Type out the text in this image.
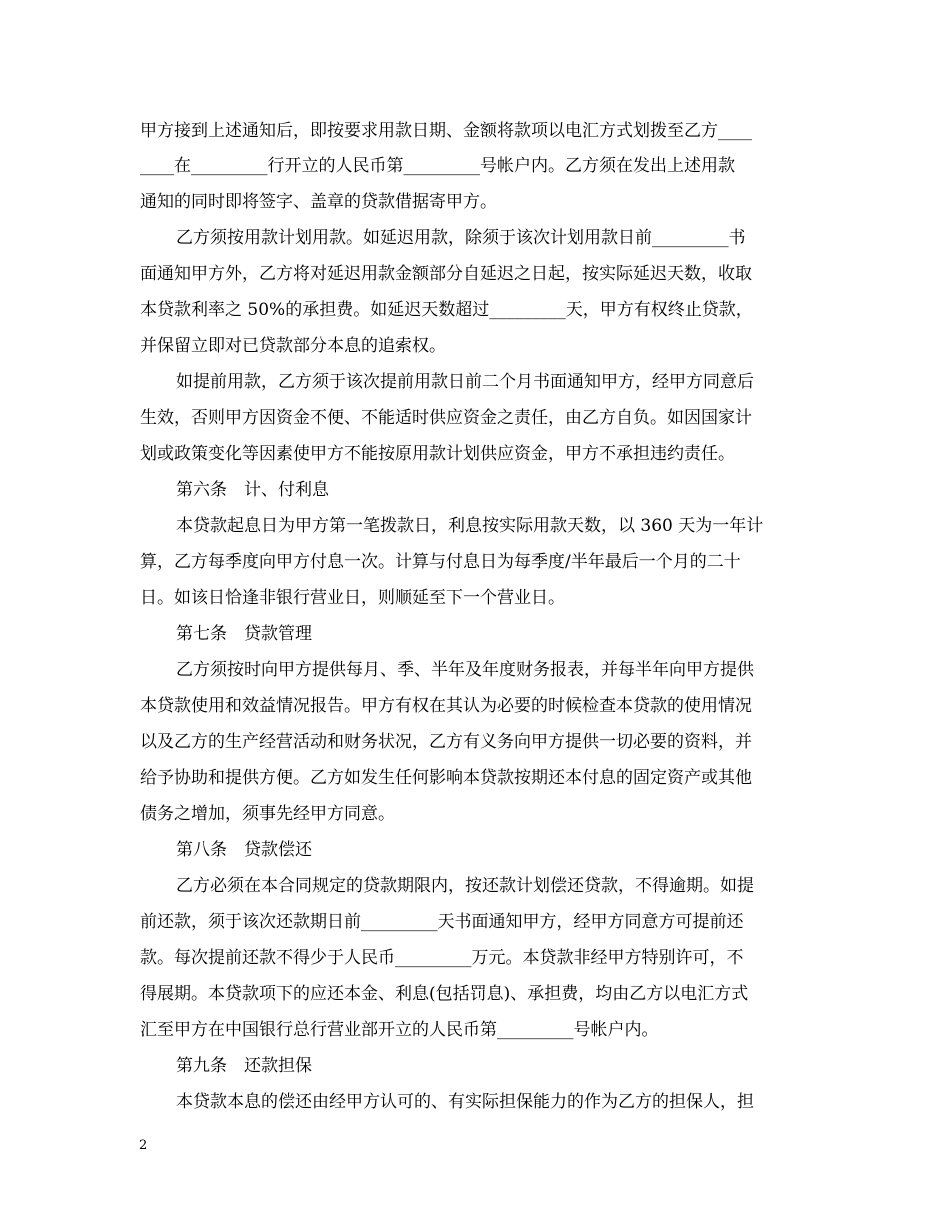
甲方接到上述通知后，即按要求用款日期、金额将款项以电汇方式划拨至乙方____
____在_________行开立的人民币第_________号帐户内。乙方须在发出上述用款
通知的同时即将签字、盖章的贷款借据寄甲方。
乙方须按用款计划用款。如延迟用款，除须于该次计划用款日前_________书
面通知甲方外，乙方将对延迟用款金额部分自延迟之日起，按实际延迟天数，收取
本贷款利率之 50%的承担费。如延迟天数超过_________天，甲方有权终止贷款，
并保留立即对已贷款部分本息的追索权。
如提前用款，乙方须于该次提前用款日前二个月书面通知甲方，经甲方同意后
生效，否则甲方因资金不便、不能适时供应资金之责任，由乙方自负。如因国家计
划或政策变化等因素使甲方不能按原用款计划供应资金，甲方不承担违约责任。
第六条　计、付利息
本贷款起息日为甲方第一笔拨款日，利息按实际用款天数，以 360 天为一年计
算，乙方每季度向甲方付息一次。计算与付息日为每季度/半年最后一个月的二十
日。如该日恰逢非银行营业日，则顺延至下一个营业日。
第七条　贷款管理
乙方须按时向甲方提供每月、季、半年及年度财务报表，并每半年向甲方提供
本贷款使用和效益情况报告。甲方有权在其认为必要的时候检查本贷款的使用情况
以及乙方的生产经营活动和财务状况，乙方有义务向甲方提供一切必要的资料，并
给予协助和提供方便。乙方如发生任何影响本贷款按期还本付息的固定资产或其他
债务之增加，须事先经甲方同意。
第八条　贷款偿还
乙方必须在本合同规定的贷款期限内，按还款计划偿还贷款，不得逾期。如提
前还款，须于该次还款期日前_________天书面通知甲方，经甲方同意方可提前还
款。每次提前还款不得少于人民币_________万元。本贷款非经甲方特别许可，不
得展期。本贷款项下的应还本金、利息(包括罚息)、承担费，均由乙方以电汇方式
汇至甲方在中国银行总行营业部开立的人民币第_________号帐户内。
第九条　还款担保
本贷款本息的偿还由经甲方认可的、有实际担保能力的作为乙方的担保人，担
2
